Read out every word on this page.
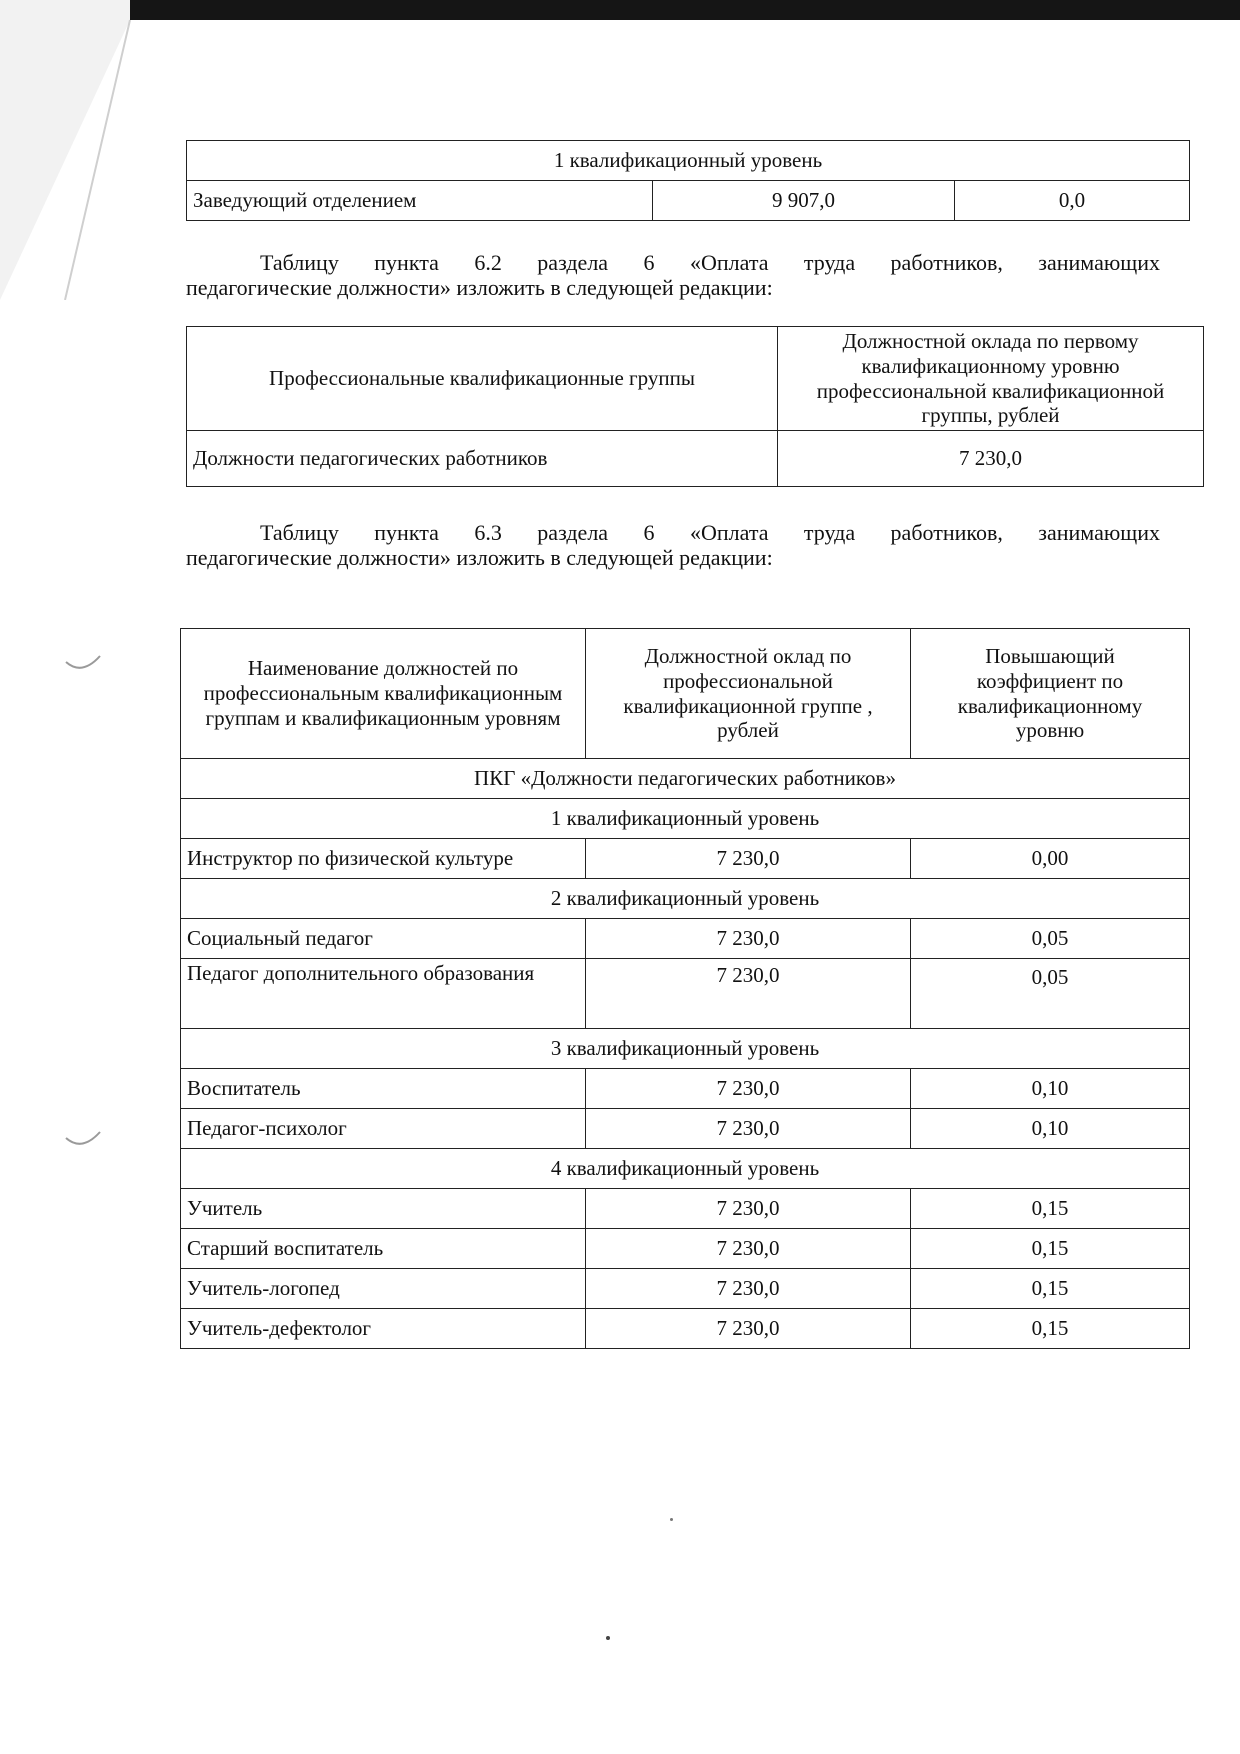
1 квалификационный уровень
Заведующий отделением	9 907,0	0,0
Таблицу пункта 6.2 раздела 6 «Оплата труда работников, занимающих
педагогические должности» изложить в следующей редакции:
Профессиональные квалификационные группы	Должностной оклада по первому квалификационному уровню профессиональной квалификационной группы, рублей
Должности педагогических работников	7 230,0
Таблицу пункта 6.3 раздела 6 «Оплата труда работников, занимающих
педагогические должности» изложить в следующей редакции:
Наименование должностей по профессиональным квалификационным группам и квалификационным уровням	Должностной оклад по профессиональной квалификационной группе , рублей	Повышающий коэффициент по квалификационному уровню
ПКГ «Должности педагогических работников»		
1 квалификационный уровень		
Инструктор по физической культуре	7 230,0	0,00
2 квалификационный уровень		
Социальный педагог	7 230,0	0,05
Педагог дополнительного образования	7 230,0	0,05
3 квалификационный уровень		
Воспитатель	7 230,0	0,10
Педагог-психолог	7 230,0	0,10
4 квалификационный уровень		
Учитель	7 230,0	0,15
Старший воспитатель	7 230,0	0,15
Учитель-логопед	7 230,0	0,15
Учитель-дефектолог	7 230,0	0,15
